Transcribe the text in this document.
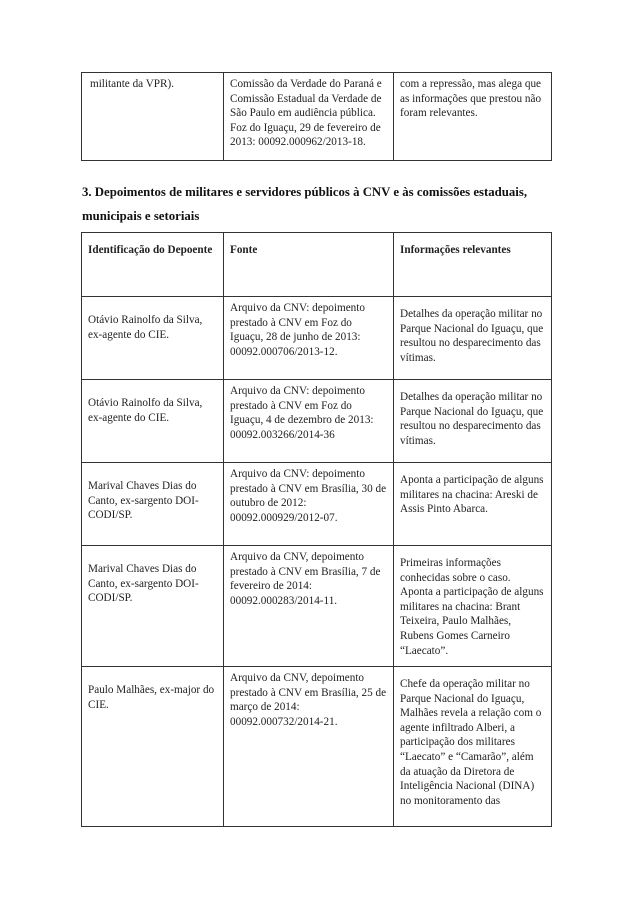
militante da VPR).	Comissão da Verdade do Paraná e Comissão Estadual da Verdade de São Paulo em audiência pública. Foz do Iguaçu, 29 de fevereiro de 2013: 00092.000962/2013-18.	com a repressão, mas alega que as informações que prestou não foram relevantes.
3. Depoimentos de militares e servidores públicos à CNV e às comissões estaduais, municipais e setoriais
Identificação do Depoente	Fonte	Informações relevantes
Otávio Rainolfo da Silva, ex-agente do CIE.	Arquivo da CNV: depoimento prestado à CNV em Foz do Iguaçu, 28 de junho de 2013: 00092.000706/2013-12.	Detalhes da operação militar no Parque Nacional do Iguaçu, que resultou no desparecimento das vítimas.
Otávio Rainolfo da Silva, ex-agente do CIE.	Arquivo da CNV: depoimento prestado à CNV em Foz do Iguaçu, 4 de dezembro de 2013: 00092.003266/2014-36	Detalhes da operação militar no Parque Nacional do Iguaçu, que resultou no desparecimento das vítimas.
Marival Chaves Dias do Canto, ex-sargento DOI-CODI/SP.	Arquivo da CNV: depoimento prestado à CNV em Brasília, 30 de outubro de 2012: 00092.000929/2012-07.	Aponta a participação de alguns militares na chacina: Areski de Assis Pinto Abarca.
Marival Chaves Dias do Canto, ex-sargento DOI-CODI/SP.	Arquivo da CNV, depoimento prestado à CNV em Brasília, 7 de fevereiro de 2014: 00092.000283/2014-11.	Primeiras informações conhecidas sobre o caso. Aponta a participação de alguns militares na chacina: Brant Teixeira, Paulo Malhães, Rubens Gomes Carneiro “Laecato”.
Paulo Malhães, ex-major do CIE.	Arquivo da CNV, depoimento prestado à CNV em Brasília, 25 de março de 2014: 00092.000732/2014-21.	Chefe da operação militar no Parque Nacional do Iguaçu, Malhães revela a relação com o agente infiltrado Alberi, a participação dos militares “Laecato” e “Camarão”, além da atuação da Diretora de Inteligência Nacional (DINA) no monitoramento das
